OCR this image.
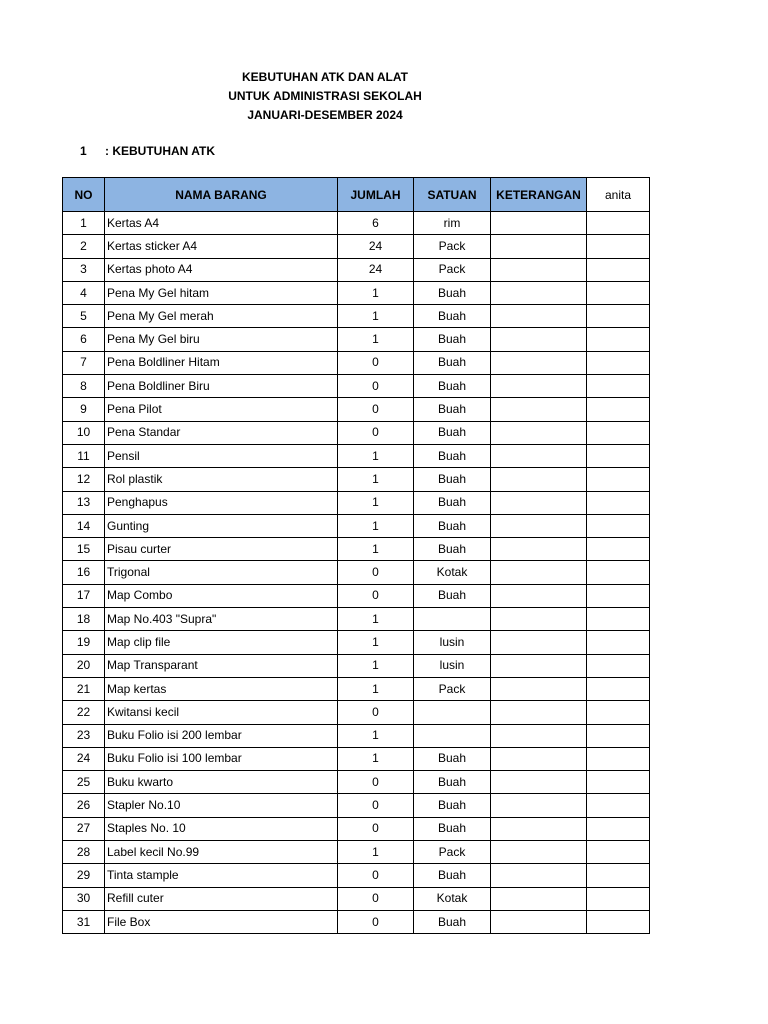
KEBUTUHAN ATK DAN ALAT
UNTUK ADMINISTRASI SEKOLAH
JANUARI-DESEMBER 2024
1 : KEBUTUHAN ATK
NO	NAMA BARANG	JUMLAH	SATUAN	KETERANGAN	anita
1	Kertas A4	6	rim		
2	Kertas sticker A4	24	Pack		
3	Kertas photo A4	24	Pack		
4	Pena My Gel hitam	1	Buah		
5	Pena My Gel merah	1	Buah		
6	Pena My Gel biru	1	Buah		
7	Pena Boldliner Hitam	0	Buah		
8	Pena Boldliner Biru	0	Buah		
9	Pena Pilot	0	Buah		
10	Pena Standar	0	Buah		
11	Pensil	1	Buah		
12	Rol plastik	1	Buah		
13	Penghapus	1	Buah		
14	Gunting	1	Buah		
15	Pisau curter	1	Buah		
16	Trigonal	0	Kotak		
17	Map Combo	0	Buah		
18	Map No.403 "Supra"	1			
19	Map clip file	1	lusin		
20	Map Transparant	1	lusin		
21	Map kertas	1	Pack		
22	Kwitansi kecil	0			
23	Buku Folio isi 200 lembar	1			
24	Buku Folio isi 100 lembar	1	Buah		
25	Buku kwarto	0	Buah		
26	Stapler No.10	0	Buah		
27	Staples No. 10	0	Buah		
28	Label kecil No.99	1	Pack		
29	Tinta stample	0	Buah		
30	Refill cuter	0	Kotak		
31	File Box	0	Buah		
